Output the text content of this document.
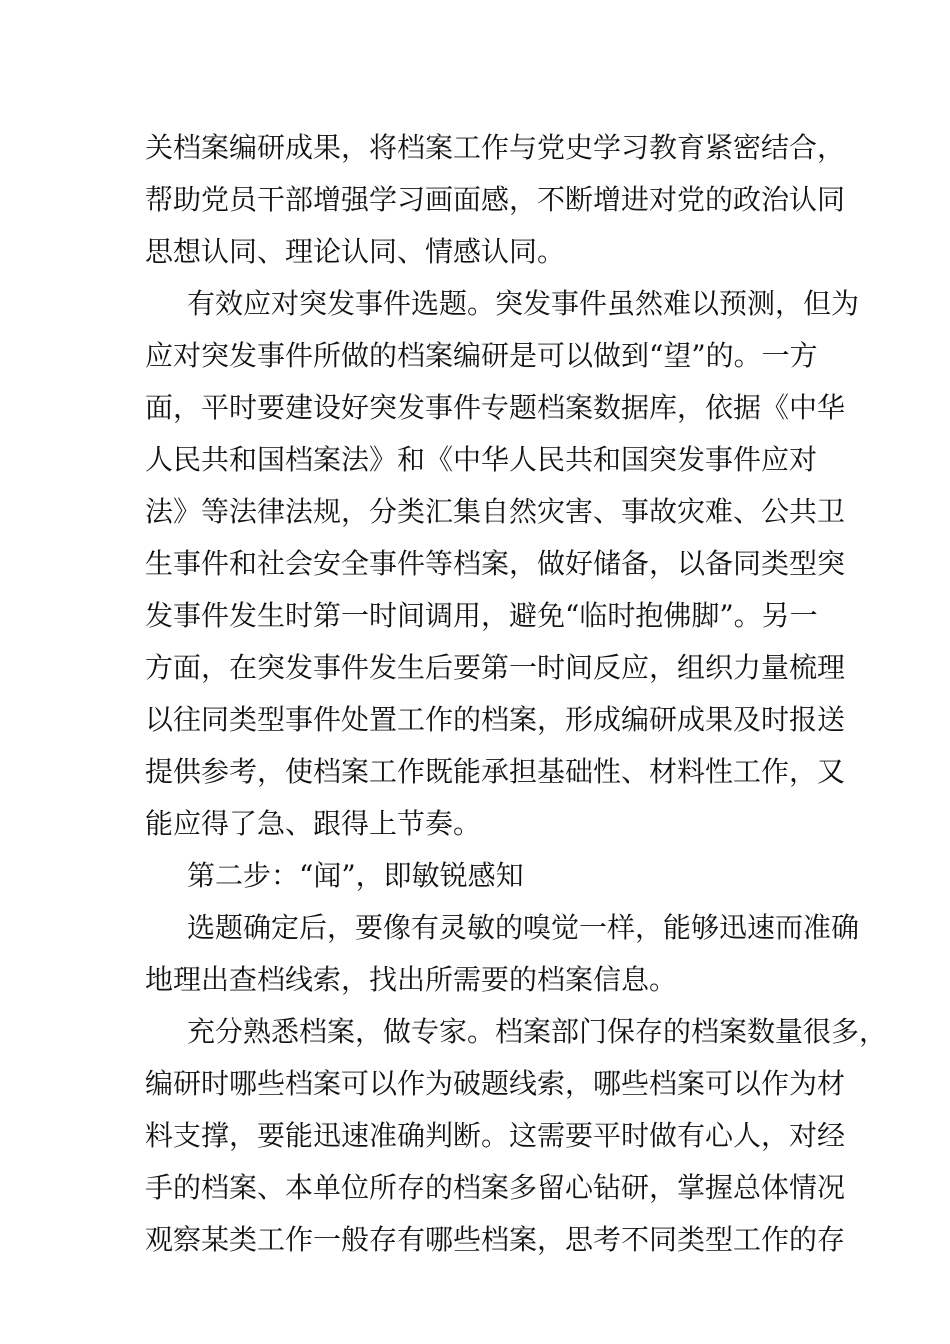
关档案编研成果，将档案工作与党史学习教育紧密结合，
帮助党员干部增强学习画面感，不断增进对党的政治认同
思想认同、理论认同、情感认同。
有效应对突发事件选题。突发事件虽然难以预测，但为
应对突发事件所做的档案编研是可以做到“望”的。一方
面，平时要建设好突发事件专题档案数据库，依据《中华
人民共和国档案法》和《中华人民共和国突发事件应对
法》等法律法规，分类汇集自然灾害、事故灾难、公共卫
生事件和社会安全事件等档案，做好储备，以备同类型突
发事件发生时第一时间调用，避免“临时抱佛脚”。另一
方面，在突发事件发生后要第一时间反应，组织力量梳理
以往同类型事件处置工作的档案，形成编研成果及时报送
提供参考，使档案工作既能承担基础性、材料性工作，又
能应得了急、跟得上节奏。
第二步：“闻”，即敏锐感知
选题确定后，要像有灵敏的嗅觉一样，能够迅速而准确
地理出查档线索，找出所需要的档案信息。
充分熟悉档案，做专家。档案部门保存的档案数量很多，
编研时哪些档案可以作为破题线索，哪些档案可以作为材
料支撑，要能迅速准确判断。这需要平时做有心人，对经
手的档案、本单位所存的档案多留心钻研，掌握总体情况
观察某类工作一般存有哪些档案，思考不同类型工作的存
